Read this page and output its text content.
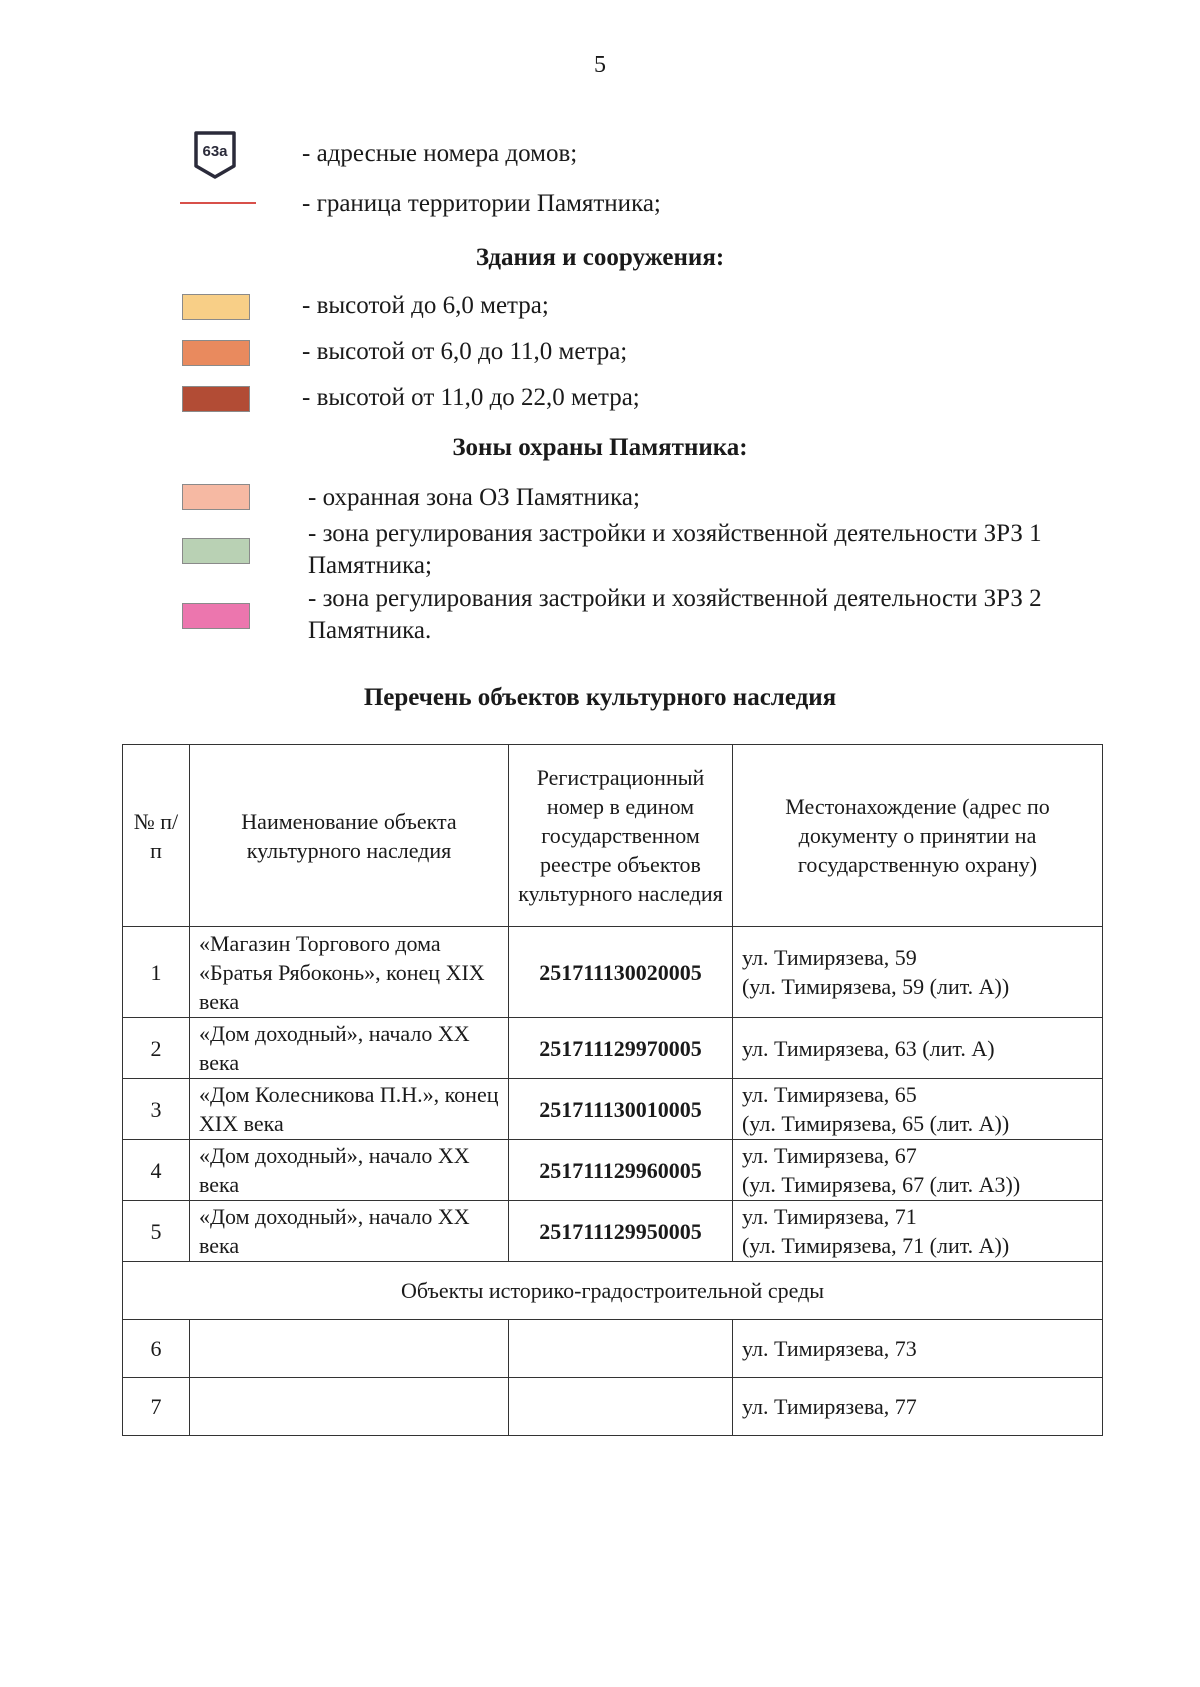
5
63а	- адресные номера домов;
- граница территории Памятника;
Здания и сооружения:
- высотой до 6,0 метра;
- высотой от 6,0 до 11,0 метра;
- высотой от 11,0 до 22,0 метра;
Зоны охраны Памятника:
- охранная зона ОЗ Памятника;
- зона регулирования застройки и хозяйственной деятельности ЗРЗ 1 Памятника;
- зона регулирования застройки и хозяйственной деятельности ЗРЗ 2 Памятника.
Перечень объектов культурного наследия
№ п/п	Наименование объекта культурного наследия	Регистрационный номер в едином государственном реестре объектов культурного наследия	Местонахождение (адрес по документу о принятии на государственную охрану)
1	«Магазин Торгового дома «Братья Рябоконь», конец XIX века	251711130020005	ул. Тимирязева, 59
(ул. Тимирязева, 59 (лит. А))

2	«Дом доходный», начало XX века	251711129970005	ул. Тимирязева, 63 (лит. А)

3	«Дом Колесникова П.Н.», конец XIX века	251711130010005	ул. Тимирязева, 65
(ул. Тимирязева, 65 (лит. А))

4	«Дом доходный», начало XX века	251711129960005	ул. Тимирязева, 67
(ул. Тимирязева, 67 (лит. А3))

5	«Дом доходный», начало XX века	251711129950005	ул. Тимирязева, 71
(ул. Тимирязева, 71 (лит. А))

Объекты историко-градостроительной среды			
6			ул. Тимирязева, 73
7			ул. Тимирязева, 77
